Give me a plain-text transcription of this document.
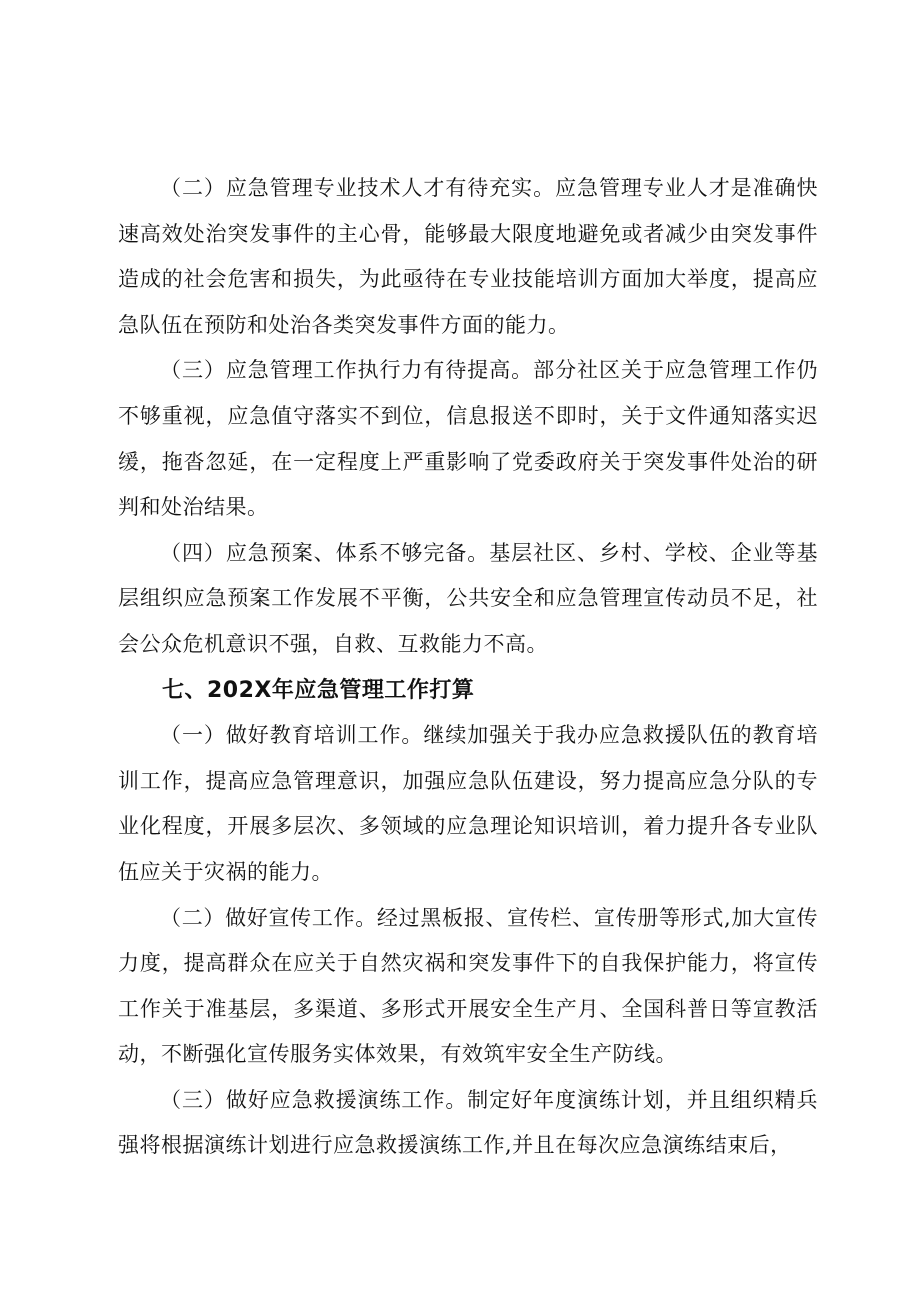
（二）应急管理专业技术人才有待充实。应急管理专业人才是准确快速高效处治突发事件的主心骨，能够最大限度地避免或者减少由突发事件造成的社会危害和损失，为此亟待在专业技能培训方面加大举度，提高应急队伍在预防和处治各类突发事件方面的能力。

（三）应急管理工作执行力有待提高。部分社区关于应急管理工作仍不够重视，应急值守落实不到位，信息报送不即时，关于文件通知落实迟缓，拖沓忽延，在一定程度上严重影响了党委政府关于突发事件处治的研判和处治结果。

（四）应急预案、体系不够完备。基层社区、乡村、学校、企业等基层组织应急预案工作发展不平衡，公共安全和应急管理宣传动员不足，社会公众危机意识不强，自救、互救能力不高。

七、202X年应急管理工作打算

（一）做好教育培训工作。继续加强关于我办应急救援队伍的教育培训工作，提高应急管理意识，加强应急队伍建设，努力提高应急分队的专业化程度，开展多层次、多领域的应急理论知识培训，着力提升各专业队伍应关于灾祸的能力。

（二）做好宣传工作。经过黑板报、宣传栏、宣传册等形式,加大宣传力度，提高群众在应关于自然灾祸和突发事件下的自我保护能力，将宣传工作关于准基层，多渠道、多形式开展安全生产月、全国科普日等宣教活动，不断强化宣传服务实体效果，有效筑牢安全生产防线。

（三）做好应急救援演练工作。制定好年度演练计划，并且组织精兵强将根据演练计划进行应急救援演练工作,并且在每次应急演练结束后，
